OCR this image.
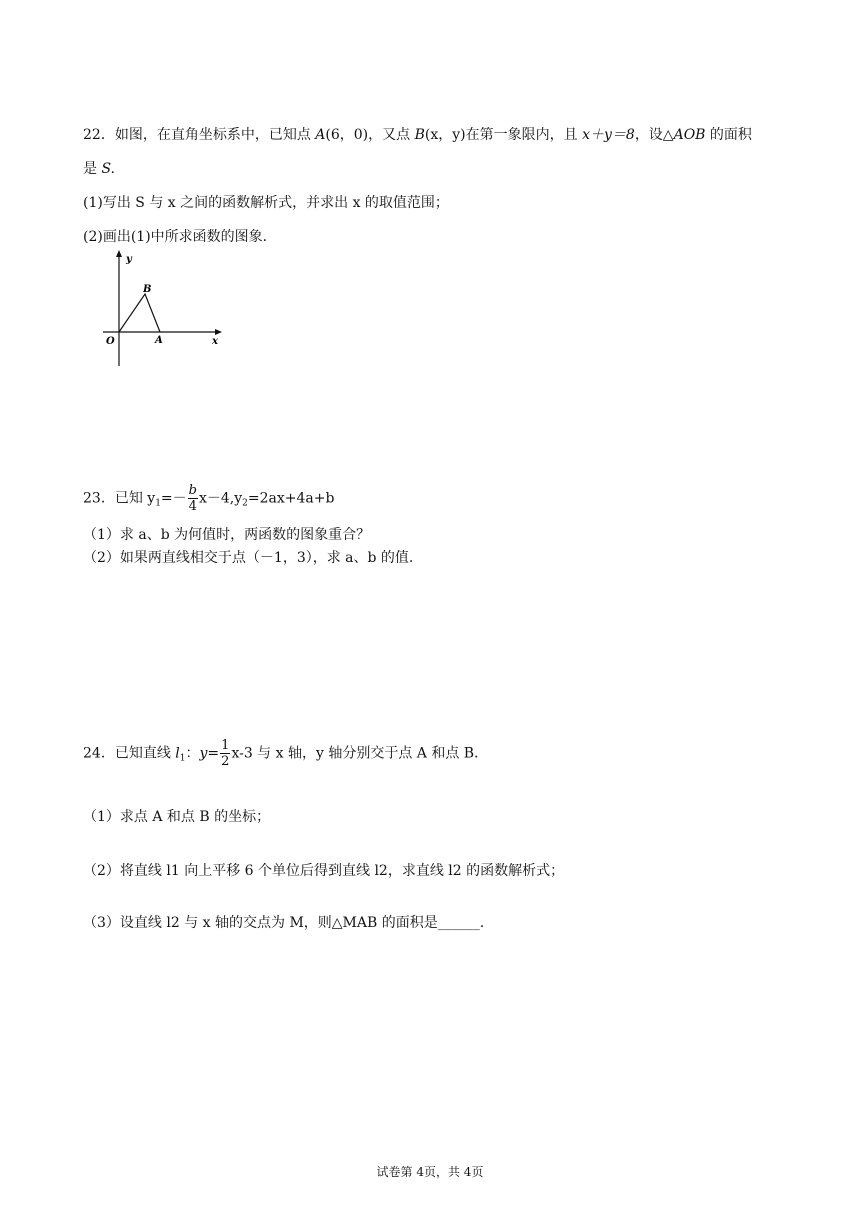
22．如图，在直角坐标系中，已知点 A(6，0)，又点 B(x，y)在第一象限内，且 x＋y＝8，设△AOB 的面积
是 S.
(1)写出 S 与 x 之间的函数解析式，并求出 x 的取值范围；
(2)画出(1)中所求函数的图象．
y
x
O	A
B
23．已知 $y_1=- \frac{b}{4} x-4,y_2=2ax+4a+b$
（1）求 a、b 为何值时，两函数的图象重合？
（2）如果两直线相交于点（－1，3），求 a、b 的值.
24．已知直线 $l_1$：$y= \frac{1}{2} x-3$ 与 x 轴，y 轴分别交于点 A 和点 B．
（1）求点 A 和点 B 的坐标；
（2）将直线 l1 向上平移 6 个单位后得到直线 l2，求直线 l2 的函数解析式；
（3）设直线 l2 与 x 轴的交点为 M，则△MAB 的面积是______.
试卷第 4页，共 4页
